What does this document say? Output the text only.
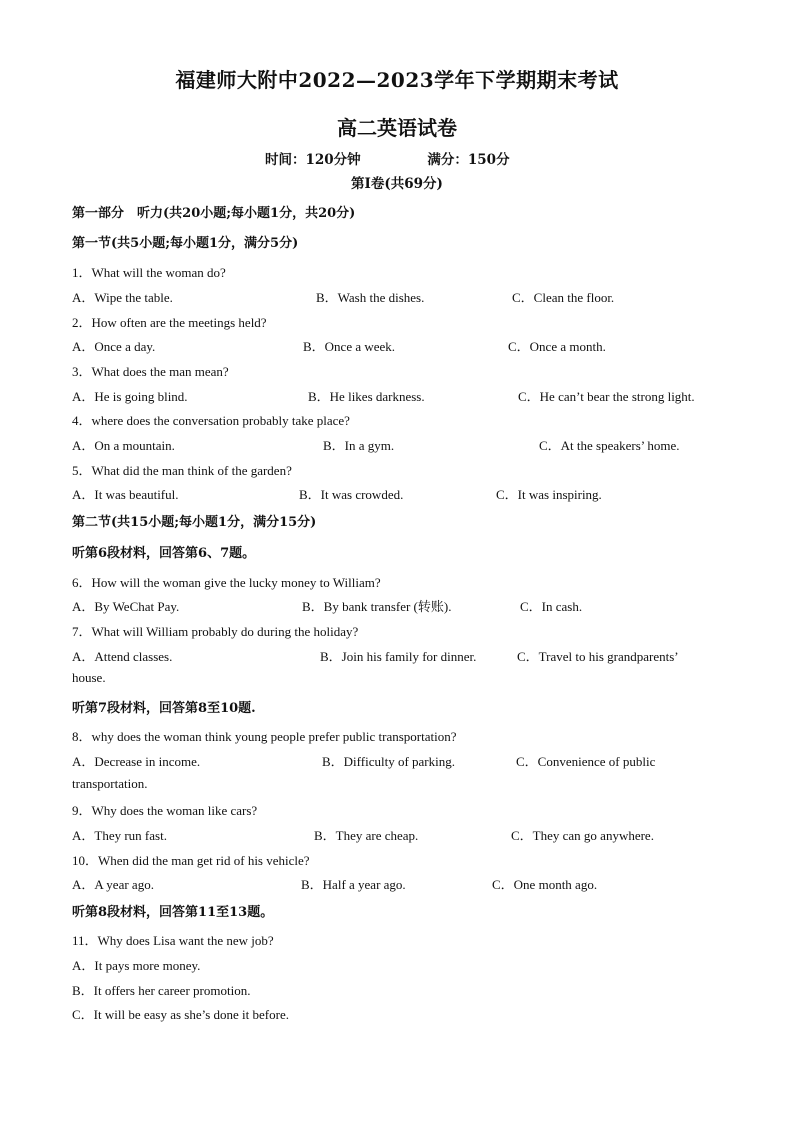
福建师大附中2022—2023学年下学期期末考试
高二英语试卷
时间：120分钟	满分：150分
第I卷(共69分)
第一部分　听力(共20小题;每小题1分，共20分)
第一节(共5小题;每小题1分，满分5分)
1．What will the woman do?
A．Wipe the table.	B．Wash the dishes.	C．Clean the floor.
2．How often are the meetings held?
A．Once a day.	B．Once a week.	C．Once a month.
3．What does the man mean?
A．He is going blind.	B．He likes darkness.	C．He can’t bear the strong light.
4．where does the conversation probably take place?
A．On a mountain.	B．In a gym.	C．At the speakers’ home.
5．What did the man think of the garden?
A．It was beautiful.	B．It was crowded.	C．It was inspiring.
第二节(共15小题;每小题1分，满分15分)
听第6段材料，回答第6、7题。
6．How will the woman give the lucky money to William?
A．By WeChat Pay.	B．By bank transfer (转账).	C．In cash.
7．What will William probably do during the holiday?
A．Attend classes.	B．Join his family for dinner.	C．Travel to his grandparents’
house.
听第7段材料，回答第8至10题.
8．why does the woman think young people prefer public transportation?
A．Decrease in income.	B．Difficulty of parking.	C．Convenience of public
transportation.
9．Why does the woman like cars?
A．They run fast.	B．They are cheap.	C．They can go anywhere.
10．When did the man get rid of his vehicle?
A．A year ago.	B．Half a year ago.	C．One month ago.
听第8段材料，回答第11至13题。
11．Why does Lisa want the new job?
A．It pays more money.
B．It offers her career promotion.
C．It will be easy as she’s done it before.
